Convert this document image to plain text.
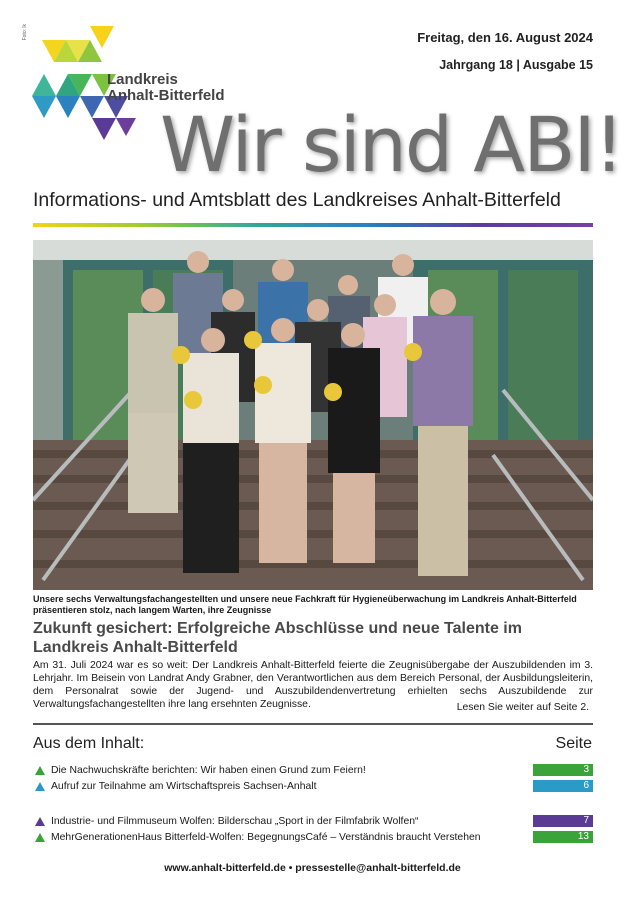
Foto: lk
Landkreis
Anhalt-Bitterfeld
Freitag, den 16. August 2024
Jahrgang 18 | Ausgabe 15
Wir sind ABI!
Informations- und Amtsblatt des Landkreises Anhalt-Bitterfeld
Unsere sechs Verwaltungsfachangestellten und unsere neue Fachkraft für Hygieneüberwachung im Landkreis Anhalt-Bitterfeld präsentieren stolz, nach langem Warten, ihre Zeugnisse
Zukunft gesichert: Erfolgreiche Abschlüsse und neue Talente im Landkreis Anhalt-Bitterfeld
Am 31. Juli 2024 war es so weit: Der Landkreis Anhalt-Bitterfeld feierte die Zeugnisübergabe der Auszubildenden im 3. Lehrjahr. Im Beisein von Landrat Andy Grabner, den Verantwortlichen aus dem Bereich Personal, der Ausbildungsleiterin, dem Personalrat sowie der Jugend- und Auszubildendenvertretung erhielten sechs Auszubildende zur Verwaltungsfachangestellten ihre lang ersehnten Zeugnisse.	Lesen Sie weiter auf Seite 2.
Aus dem Inhalt:	Seite
Die Nachwuchskräfte berichten: Wir haben einen Grund zum Feiern!	3
Aufruf zur Teilnahme am Wirtschaftspreis Sachsen-Anhalt	6
Industrie- und Filmmuseum Wolfen: Bilderschau „Sport in der Filmfabrik Wolfen“	7
MehrGenerationenHaus Bitterfeld-Wolfen: BegegnungsCafé – Verständnis braucht Verstehen	13
www.anhalt-bitterfeld.de • pressestelle@anhalt-bitterfeld.de
